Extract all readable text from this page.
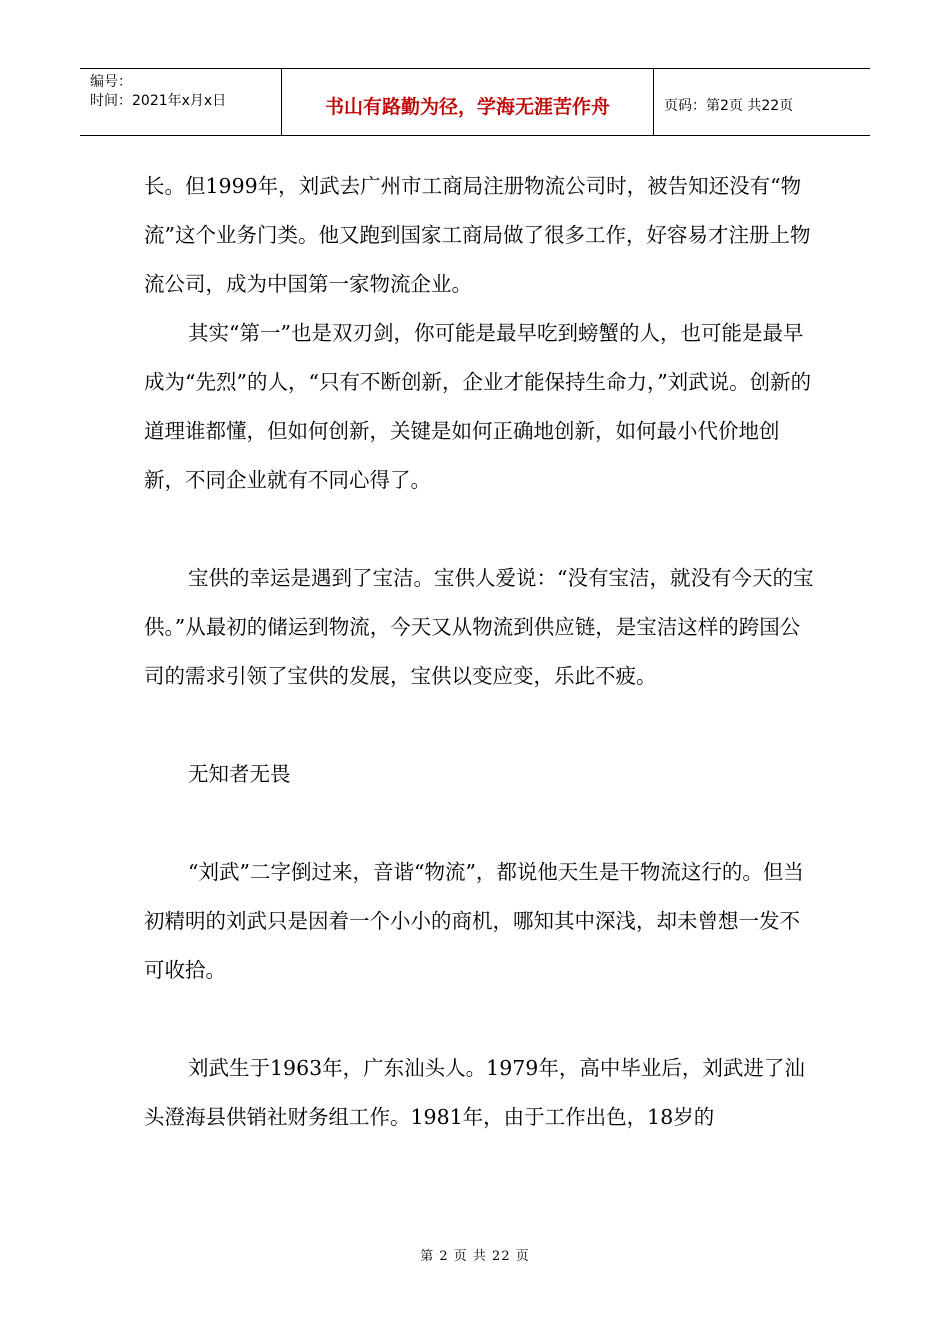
编号：
时间：2021年x月x日	书山有路勤为径，学海无涯苦作舟	页码：第2页 共22页

长。但1999年，刘武去广州市工商局注册物流公司时，被告知还没有“物流”这个业务门类。他又跑到国家工商局做了很多工作，好容易才注册上物流公司，成为中国第一家物流企业。

其实“第一”也是双刃剑，你可能是最早吃到螃蟹的人，也可能是最早成为“先烈”的人，“只有不断创新，企业才能保持生命力，”刘武说。创新的道理谁都懂，但如何创新，关键是如何正确地创新，如何最小代价地创新，不同企业就有不同心得了。

宝供的幸运是遇到了宝洁。宝供人爱说：“没有宝洁，就没有今天的宝供。”从最初的储运到物流，今天又从物流到供应链，是宝洁这样的跨国公司的需求引领了宝供的发展，宝供以变应变，乐此不疲。

无知者无畏

“刘武”二字倒过来，音谐“物流”，都说他天生是干物流这行的。但当初精明的刘武只是因着一个小小的商机，哪知其中深浅，却未曾想一发不可收拾。

刘武生于1963年，广东汕头人。1979年，高中毕业后，刘武进了汕头澄海县供销社财务组工作。1981年，由于工作出色，18岁的

第 2 页 共 22 页
